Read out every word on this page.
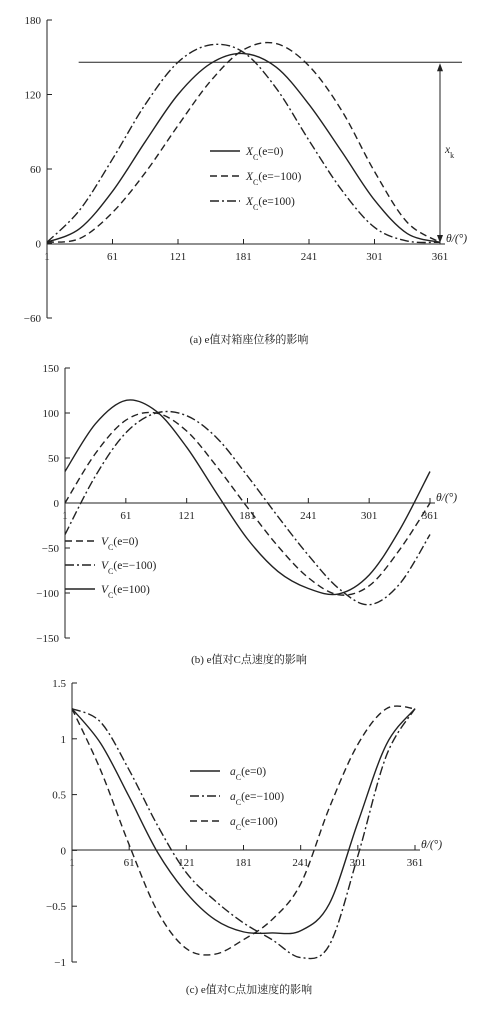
−60
0
60
120
180
1	61	121	181	241	301	361
θ/(°)
$x_k$
$X_C(e=0)$
$X_C(e=-100)$
$X_C(e=100)$
(a) e值对箱座位移的影响
−150
−100
−50
0
50
100
150
1	61	121	181	241	301	361
θ/(°)
$V_C(e=0)$
$V_C(e=-100)$
$V_C(e=100)$
(b) e值对C点速度的影响
−1
−0.5
0
0.5
1
1.5
1	61	121	181	241	301	361
θ/(°)
$a_C(e=0)$
$a_C(e=-100)$
$a_C(e=100)$
(c) e值对C点加速度的影响
